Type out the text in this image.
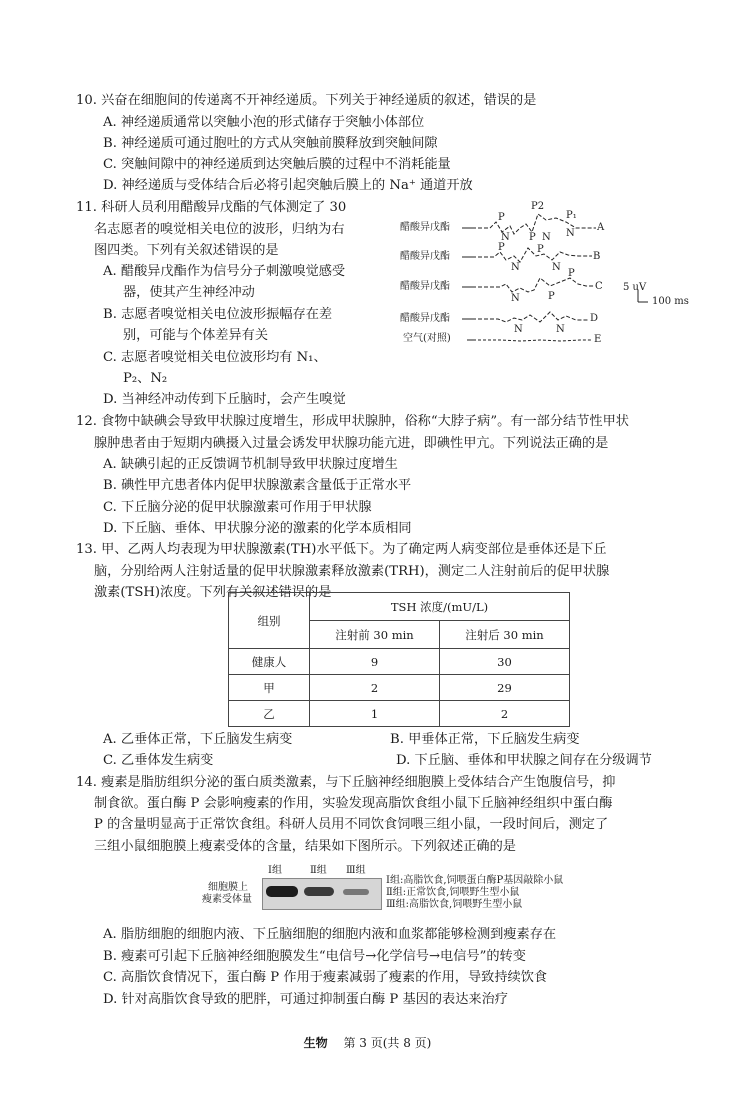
10. 兴奋在细胞间的传递离不开神经递质。下列关于神经递质的叙述，错误的是
A. 神经递质通常以突触小泡的形式储存于突触小体部位
B. 神经递质可通过胞吐的方式从突触前膜释放到突触间隙
C. 突触间隙中的神经递质到达突触后膜的过程中不消耗能量
D. 神经递质与受体结合后必将引起突触后膜上的 Na⁺ 通道开放
11. 科研人员利用醋酸异戊酯的气体测定了 30
名志愿者的嗅觉相关电位的波形，归纳为右
图四类。下列有关叙述错误的是
A. 醋酸异戊酯作为信号分子刺激嗅觉感受
器，使其产生神经冲动
B. 志愿者嗅觉相关电位波形振幅存在差
别，可能与个体差异有关
C. 志愿者嗅觉相关电位波形均有 N₁、
P₂、N₂
D. 当神经冲动传到下丘脑时，会产生嗅觉
醋酸异戊酯
醋酸异戊酯
醋酸异戊酯
醋酸异戊酯
空气(对照)
P
P2
P₁
N P N N
P
N
P
N
P
N	P
N	N
A
B
C
D
E
5 uV
100 ms
12. 食物中缺碘会导致甲状腺过度增生，形成甲状腺肿，俗称“大脖子病”。有一部分结节性甲状
腺肿患者由于短期内碘摄入过量会诱发甲状腺功能亢进，即碘性甲亢。下列说法正确的是
A. 缺碘引起的正反馈调节机制导致甲状腺过度增生
B. 碘性甲亢患者体内促甲状腺激素含量低于正常水平
C. 下丘脑分泌的促甲状腺激素可作用于甲状腺
D. 下丘脑、垂体、甲状腺分泌的激素的化学本质相同
13. 甲、乙两人均表现为甲状腺激素(TH)水平低下。为了确定两人病变部位是垂体还是下丘
脑，分别给两人注射适量的促甲状腺激素释放激素(TRH)，测定二人注射前后的促甲状腺
激素(TSH)浓度。下列有关叙述错误的是
组别	TSH 浓度/(mU/L)	
	注射前 30 min	注射后 30 min
健康人	9	30
甲	2	29
乙	1	2
A. 乙垂体正常，下丘脑发生病变	B. 甲垂体正常，下丘脑发生病变
C. 乙垂体发生病变	D. 下丘脑、垂体和甲状腺之间存在分级调节
14. 瘦素是脂肪组织分泌的蛋白质类激素，与下丘脑神经细胞膜上受体结合产生饱腹信号，抑
制食欲。蛋白酶 P 会影响瘦素的作用，实验发现高脂饮食组小鼠下丘脑神经组织中蛋白酶
P 的含量明显高于正常饮食组。科研人员用不同饮食饲喂三组小鼠，一段时间后，测定了
三组小鼠细胞膜上瘦素受体的含量，结果如下图所示。下列叙述正确的是
Ⅰ组	Ⅱ组 Ⅲ组
细胞膜上
瘦素受体量
Ⅰ组:高脂饮食,饲喂蛋白酶P基因敲除小鼠
Ⅱ组:正常饮食,饲喂野生型小鼠
Ⅲ组:高脂饮食,饲喂野生型小鼠
A. 脂肪细胞的细胞内液、下丘脑细胞的细胞内液和血浆都能够检测到瘦素存在
B. 瘦素可引起下丘脑神经细胞膜发生“电信号→化学信号→电信号”的转变
C. 高脂饮食情况下，蛋白酶 P 作用于瘦素减弱了瘦素的作用，导致持续饮食
D. 针对高脂饮食导致的肥胖，可通过抑制蛋白酶 P 基因的表达来治疗
生物 第 3 页(共 8 页)
